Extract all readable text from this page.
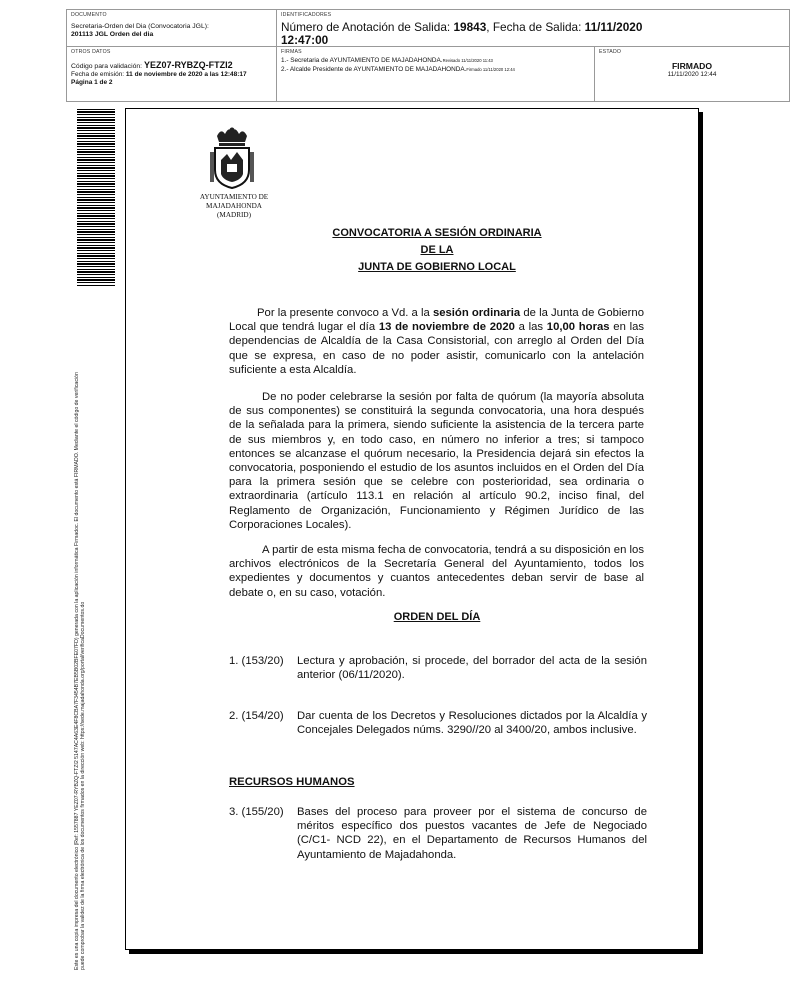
DOCUMENTO
Secretaria-Orden del Dia (Convocatoria JGL):
201113 JGL Orden del dia
IDENTIFICADORES
Número de Anotación de Salida: 19843, Fecha de Salida: 11/11/2020
12:47:00
OTROS DATOS
Código para validación: YEZ07-RYBZQ-FTZI2
Fecha de emisión: 11 de noviembre de 2020 a las 12:48:17
Página 1 de 2
FIRMAS
1.- Secretaria de AYUNTAMIENTO DE MAJADAHONDA.Revisado 11/11/2020 11:43
2.- Alcalde Presidente de AYUNTAMIENTO DE MAJADAHONDA.Firmado 11/11/2020 12:44
ESTADO
FIRMADO
11/11/2020 12:44
Este es una copia impresa del documento electrónico (Ref: 1557887 YEZ07-RYBZQ-FTZI2 5147AC4A63E4F8CBA7F3454B7EB5B02BFE07FD) generada con la aplicación informática Firmadoc. El documento está FIRMADO. Mediante el código de verificación puede comprobar la validez de la firma electrónica de los documentos firmados en la dirección web: https://sede.majadahonda.org/portal/verificaDocumentos.do
AYUNTAMIENTO DE
MAJADAHONDA
(MADRID)
CONVOCATORIA A SESIÓN ORDINARIA
DE LA
JUNTA DE GOBIERNO LOCAL
Por la presente convoco a Vd. a la sesión ordinaria de la Junta de Gobierno Local que tendrá lugar el día 13 de noviembre de 2020 a las 10,00 horas en las dependencias de Alcaldía de la Casa Consistorial, con arreglo al Orden del Día que se expresa, en caso de no poder asistir, comunicarlo con la antelación suficiente a esta Alcaldía.
De no poder celebrarse la sesión por falta de quórum (la mayoría absoluta de sus componentes) se constituirá la segunda convocatoria, una hora después de la señalada para la primera, siendo suficiente la asistencia de la tercera parte de sus miembros y, en todo caso, en número no inferior a tres; si tampoco entonces se alcanzase el quórum necesario, la Presidencia dejará sin efectos la convocatoria, posponiendo el estudio de los asuntos incluidos en el Orden del Día para la primera sesión que se celebre con posterioridad, sea ordinaria o extraordinaria (artículo 113.1 en relación al artículo 90.2, inciso final, del Reglamento de Organización, Funcionamiento y Régimen Jurídico de las Corporaciones Locales).
A partir de esta misma fecha de convocatoria, tendrá a su disposición en los archivos electrónicos de la Secretaría General del Ayuntamiento, todos los expedientes y documentos y cuantos antecedentes deban servir de base al debate o, en su caso, votación.
ORDEN DEL DÍA
1. (153/20) Lectura y aprobación, si procede, del borrador del acta de la sesión anterior (06/11/2020).
2. (154/20) Dar cuenta de los Decretos y Resoluciones dictados por la Alcaldía y Concejales Delegados núms. 3290//20 al 3400/20, ambos inclusive.
RECURSOS HUMANOS
3. (155/20) Bases del proceso para proveer por el sistema de concurso de méritos específico dos puestos vacantes de Jefe de Negociado (C/C1- NCD 22), en el Departamento de Recursos Humanos del Ayuntamiento de Majadahonda.
